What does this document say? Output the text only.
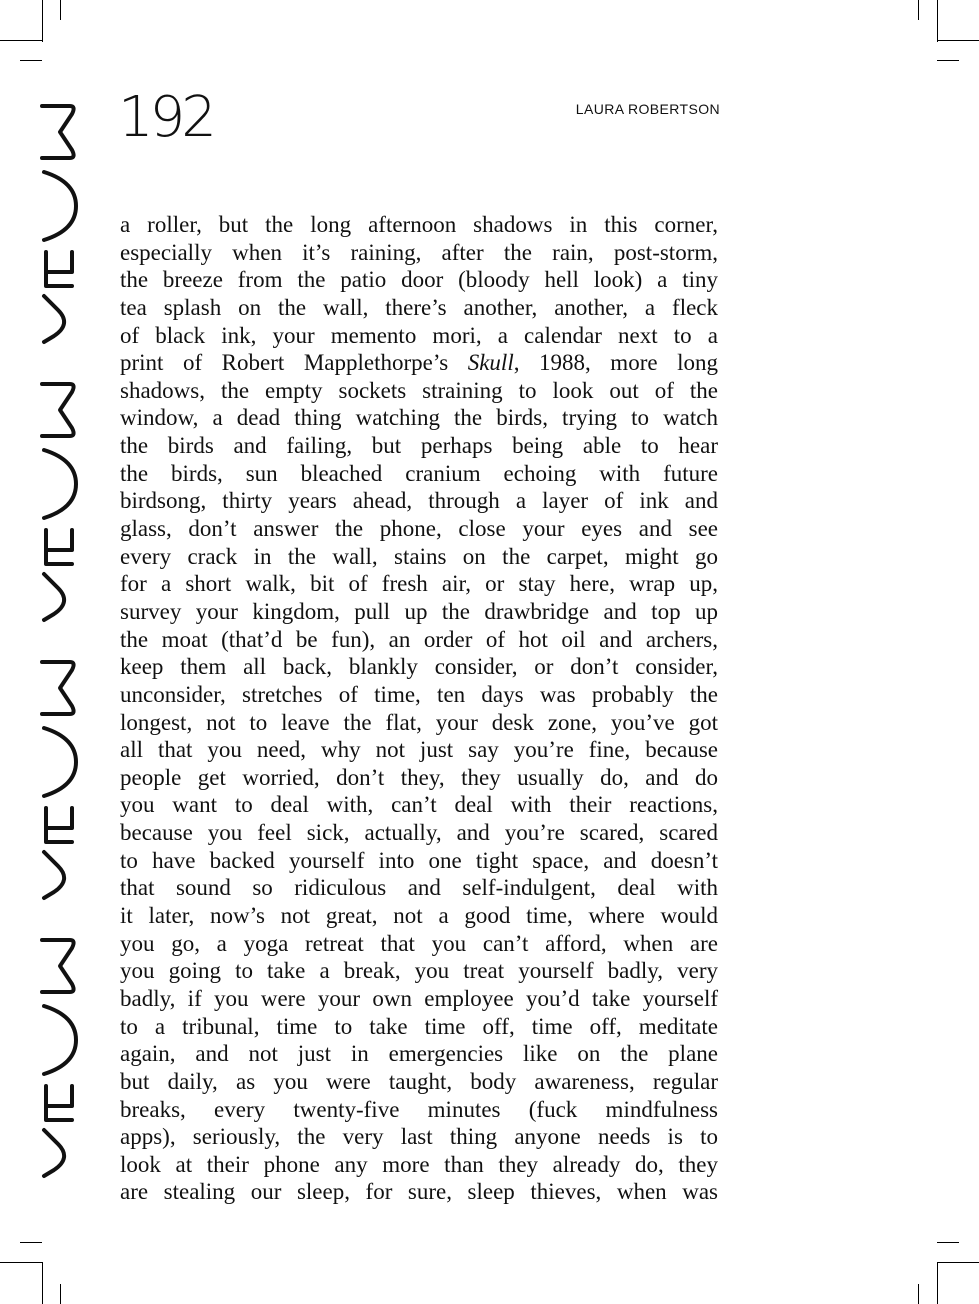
192	LAURA ROBERTSON
a roller, but the long afternoon shadows in this corner,
especially when it’s raining, after the rain, post-storm,
the breeze from the patio door (bloody hell look) a tiny
tea splash on the wall, there’s another, another, a fleck
of black ink, your memento mori, a calendar next to a
print of Robert Mapplethorpe’s Skull, 1988, more long
shadows, the empty sockets straining to look out of the
window, a dead thing watching the birds, trying to watch
the birds and failing, but perhaps being able to hear
the birds, sun bleached cranium echoing with future
birdsong, thirty years ahead, through a layer of ink and
glass, don’t answer the phone, close your eyes and see
every crack in the wall, stains on the carpet, might go
for a short walk, bit of fresh air, or stay here, wrap up,
survey your kingdom, pull up the drawbridge and top up
the moat (that’d be fun), an order of hot oil and archers,
keep them all back, blankly consider, or don’t consider,
unconsider, stretches of time, ten days was probably the
longest, not to leave the flat, your desk zone, you’ve got
all that you need, why not just say you’re fine, because
people get worried, don’t they, they usually do, and do
you want to deal with, can’t deal with their reactions,
because you feel sick, actually, and you’re scared, scared
to have backed yourself into one tight space, and doesn’t
that sound so ridiculous and self-indulgent, deal with
it later, now’s not great, not a good time, where would
you go, a yoga retreat that you can’t afford, when are
you going to take a break, you treat yourself badly, very
badly, if you were your own employee you’d take yourself
to a tribunal, time to take time off, time off, meditate
again, and not just in emergencies like on the plane
but daily, as you were taught, body awareness, regular
breaks, every twenty-five minutes (fuck mindfulness
apps), seriously, the very last thing anyone needs is to
look at their phone any more than they already do, they
are stealing our sleep, for sure, sleep thieves, when was
